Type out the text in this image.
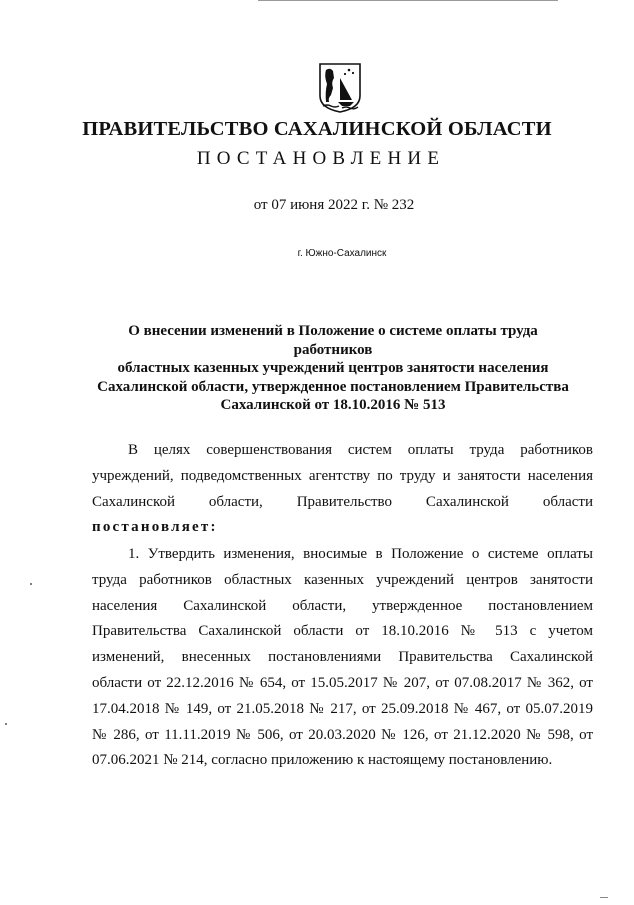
ПРАВИТЕЛЬСТВО САХАЛИНСКОЙ ОБЛАСТИ
ПОСТАНОВЛЕНИЕ
от 07 июня 2022 г. № 232
г. Южно-Сахалинск
О внесении изменений в Положение о системе оплаты труда работников
областных казенных учреждений центров занятости населения
Сахалинской области, утвержденное постановлением Правительства
Сахалинской от 18.10.2016 № 513
В целях совершенствования систем оплаты труда работников
учреждений, подведомственных агентству по труду и занятости населения
Сахалинской области, Правительство Сахалинской области
постановляет:
1. Утвердить изменения, вносимые в Положение о системе оплаты
труда работников областных казенных учреждений центров занятости
населения Сахалинской области, утвержденное постановлением
Правительства Сахалинской области от 18.10.2016 № 513 с учетом
изменений, внесенных постановлениями Правительства Сахалинской
области от 22.12.2016 № 654, от 15.05.2017 № 207, от 07.08.2017 № 362, от
17.04.2018 № 149, от 21.05.2018 № 217, от 25.09.2018 № 467, от 05.07.2019
№ 286, от 11.11.2019 № 506, от 20.03.2020 № 126, от 21.12.2020 № 598, от
07.06.2021 № 214, согласно приложению к настоящему постановлению.
